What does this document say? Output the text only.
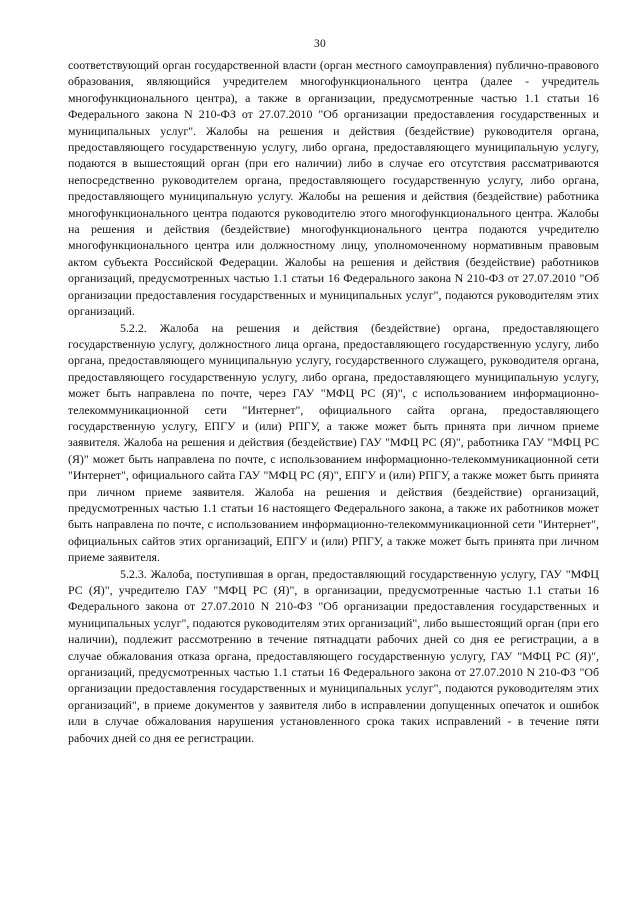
30

соответствующий орган государственной власти (орган местного самоуправления) публично-правового образования, являющийся учредителем многофункционального центра (далее - учредитель многофункционального центра), а также в организации, предусмотренные частью 1.1 статьи 16 Федерального закона N 210-ФЗ от 27.07.2010 "Об организации предоставления государственных и муниципальных услуг". Жалобы на решения и действия (бездействие) руководителя органа, предоставляющего государственную услугу, либо органа, предоставляющего муниципальную услугу, подаются в вышестоящий орган (при его наличии) либо в случае его отсутствия рассматриваются непосредственно руководителем органа, предоставляющего государственную услугу, либо органа, предоставляющего муниципальную услугу. Жалобы на решения и действия (бездействие) работника многофункционального центра подаются руководителю этого многофункционального центра. Жалобы на решения и действия (бездействие) многофункционального центра подаются учредителю многофункционального центра или должностному лицу, уполномоченному нормативным правовым актом субъекта Российской Федерации. Жалобы на решения и действия (бездействие) работников организаций, предусмотренных частью 1.1 статьи 16 Федерального закона N 210-ФЗ от 27.07.2010 "Об организации предоставления государственных и муниципальных услуг", подаются руководителям этих организаций.

5.2.2. Жалоба на решения и действия (бездействие) органа, предоставляющего государственную услугу, должностного лица органа, предоставляющего государственную услугу, либо органа, предоставляющего муниципальную услугу, государственного служащего, руководителя органа, предоставляющего государственную услугу, либо органа, предоставляющего муниципальную услугу, может быть направлена по почте, через ГАУ "МФЦ РС (Я)", с использованием информационно-телекоммуникационной сети "Интернет", официального сайта органа, предоставляющего государственную услугу, ЕПГУ и (или) РПГУ, а также может быть принята при личном приеме заявителя. Жалоба на решения и действия (бездействие) ГАУ "МФЦ РС (Я)", работника ГАУ "МФЦ РС (Я)" может быть направлена по почте, с использованием информационно-телекоммуникационной сети "Интернет", официального сайта ГАУ "МФЦ РС (Я)", ЕПГУ и (или) РПГУ, а также может быть принята при личном приеме заявителя. Жалоба на решения и действия (бездействие) организаций, предусмотренных частью 1.1 статьи 16 настоящего Федерального закона, а также их работников может быть направлена по почте, с использованием информационно-телекоммуникационной сети "Интернет", официальных сайтов этих организаций, ЕПГУ и (или) РПГУ, а также может быть принята при личном приеме заявителя.

5.2.3. Жалоба, поступившая в орган, предоставляющий государственную услугу, ГАУ "МФЦ РС (Я)", учредителю ГАУ "МФЦ РС (Я)", в организации, предусмотренные частью 1.1 статьи 16 Федерального закона от 27.07.2010 N 210-ФЗ "Об организации предоставления государственных и муниципальных услуг", подаются руководителям этих организаций", либо вышестоящий орган (при его наличии), подлежит рассмотрению в течение пятнадцати рабочих дней со дня ее регистрации, а в случае обжалования отказа органа, предоставляющего государственную услугу, ГАУ "МФЦ РС (Я)", организаций, предусмотренных частью 1.1 статьи 16 Федерального закона от 27.07.2010 N 210-ФЗ "Об организации предоставления государственных и муниципальных услуг", подаются руководителям этих организаций", в приеме документов у заявителя либо в исправлении допущенных опечаток и ошибок или в случае обжалования нарушения установленного срока таких исправлений - в течение пяти рабочих дней со дня ее регистрации.
